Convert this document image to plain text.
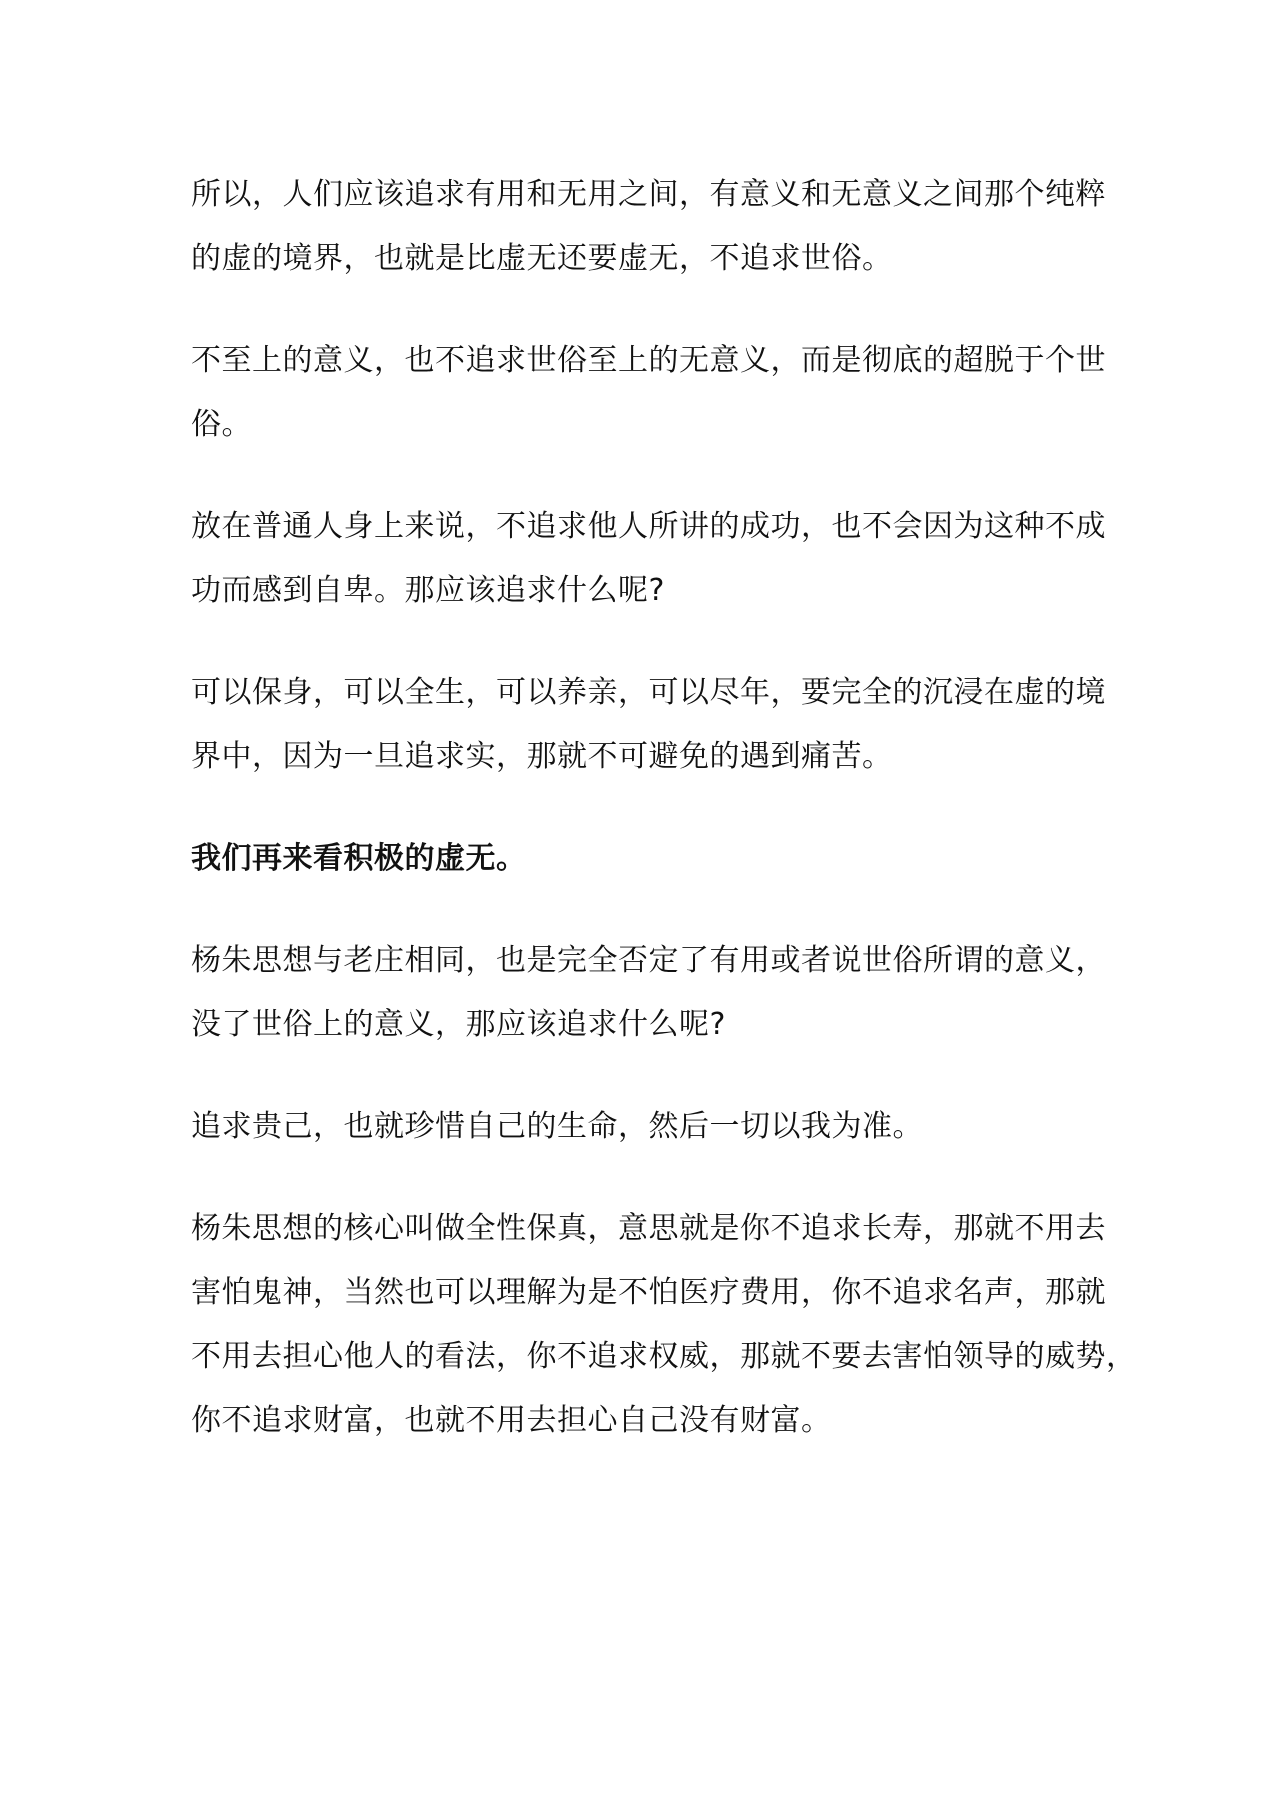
所以，人们应该追求有用和无用之间，有意义和无意义之间那个纯粹
的虚的境界，也就是比虚无还要虚无，不追求世俗。

不至上的意义，也不追求世俗至上的无意义，而是彻底的超脱于个世
俗。

放在普通人身上来说，不追求他人所讲的成功，也不会因为这种不成
功而感到自卑。那应该追求什么呢?

可以保身，可以全生，可以养亲，可以尽年，要完全的沉浸在虚的境
界中，因为一旦追求实，那就不可避免的遇到痛苦。

我们再来看积极的虚无。

杨朱思想与老庄相同，也是完全否定了有用或者说世俗所谓的意义，
没了世俗上的意义，那应该追求什么呢?

追求贵己，也就珍惜自己的生命，然后一切以我为准。

杨朱思想的核心叫做全性保真，意思就是你不追求长寿，那就不用去
害怕鬼神，当然也可以理解为是不怕医疗费用，你不追求名声，那就
不用去担心他人的看法，你不追求权威，那就不要去害怕领导的威势，
你不追求财富，也就不用去担心自己没有财富。
